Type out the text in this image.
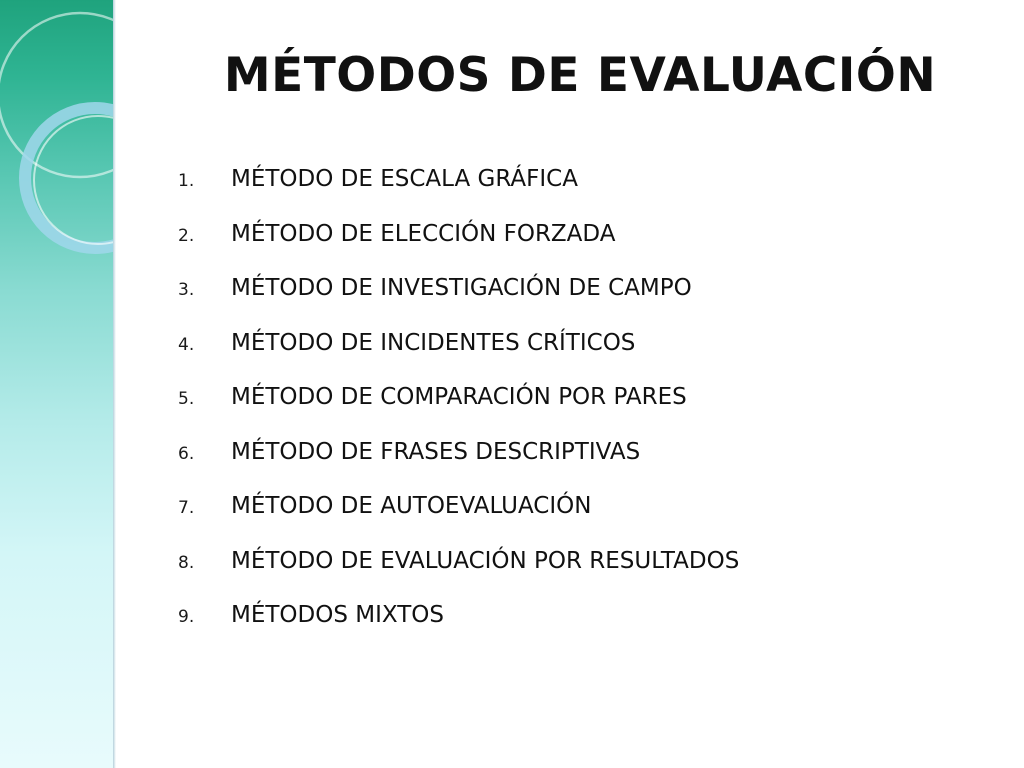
MÉTODOS DE EVALUACIÓN
1.	MÉTODO DE ESCALA GRÁFICA
2.	MÉTODO DE ELECCIÓN FORZADA
3.	MÉTODO DE INVESTIGACIÓN DE CAMPO
4.	MÉTODO DE INCIDENTES CRÍTICOS
5.	MÉTODO DE COMPARACIÓN POR PARES
6.	MÉTODO DE FRASES DESCRIPTIVAS
7.	MÉTODO DE AUTOEVALUACIÓN
8.	MÉTODO DE EVALUACIÓN POR RESULTADOS
9.	MÉTODOS MIXTOS
